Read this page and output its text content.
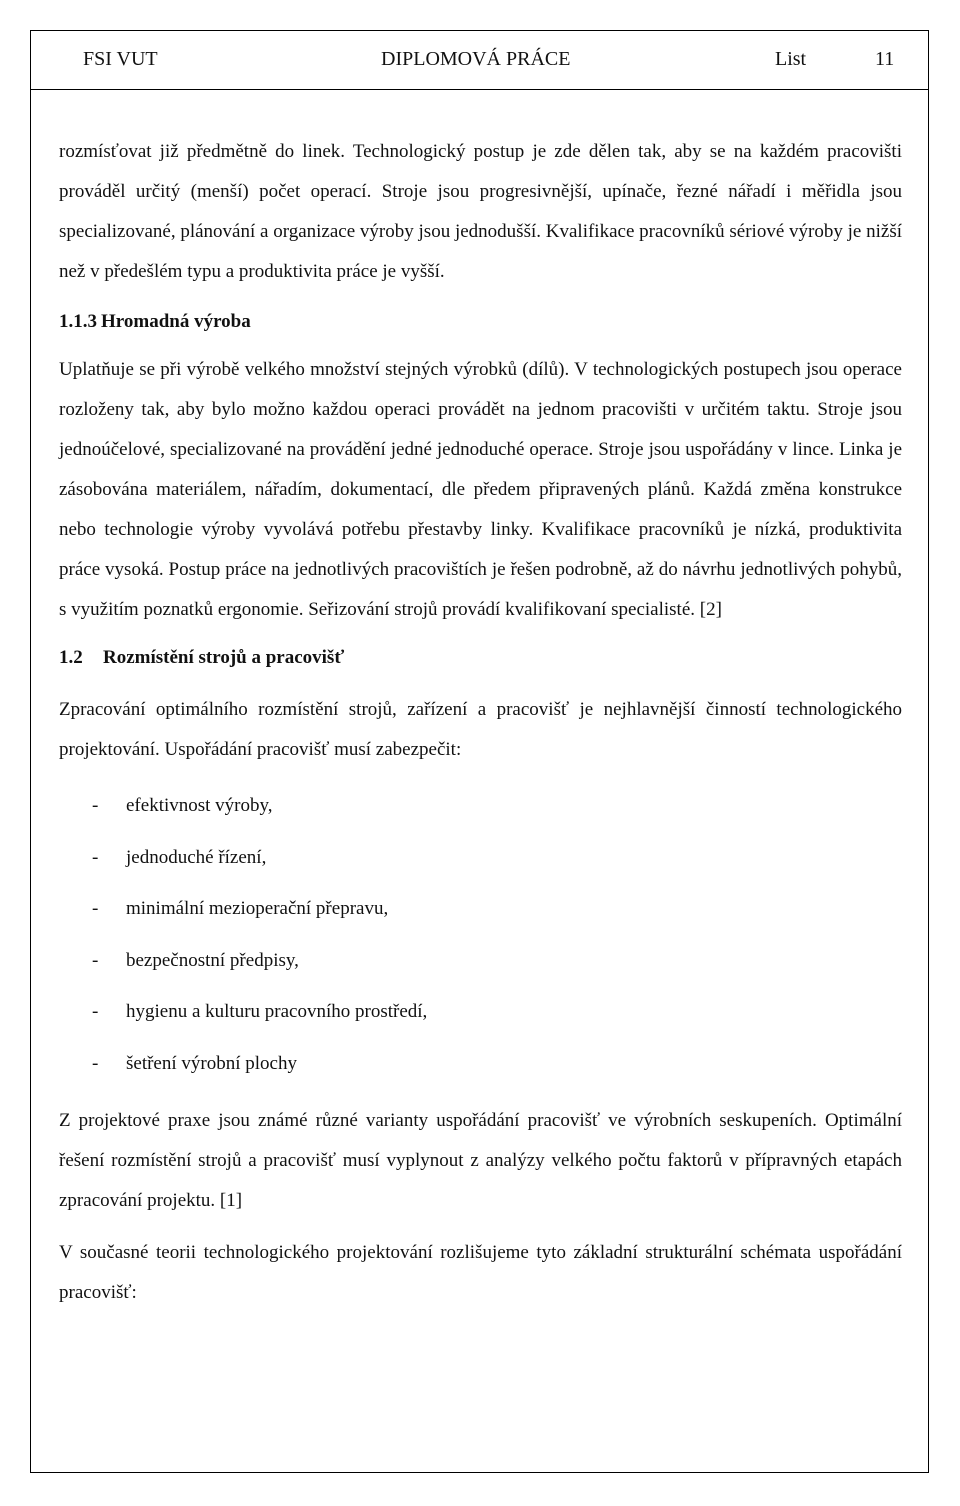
FSI VUT	DIPLOMOVÁ PRÁCE	List	11

rozmísťovat již předmětně do linek. Technologický postup je zde dělen tak, aby se na každém pracovišti prováděl určitý (menší) počet operací. Stroje jsou progresivnější, upínače, řezné nářadí i měřidla jsou specializované, plánování a organizace výroby jsou jednodušší. Kvalifikace pracovníků sériové výroby je nižší než v předešlém typu a produktivita práce je vyšší.

1.1.3 Hromadná výroba

Uplatňuje se při výrobě velkého množství stejných výrobků (dílů). V technologických postupech jsou operace rozloženy tak, aby bylo možno každou operaci provádět na jednom pracovišti v určitém taktu. Stroje jsou jednoúčelové, specializované na provádění jedné jednoduché operace. Stroje jsou uspořádány v lince. Linka je zásobována materiálem, nářadím, dokumentací, dle předem připravených plánů. Každá změna konstrukce nebo technologie výroby vyvolává potřebu přestavby linky. Kvalifikace pracovníků je nízká, produktivita práce vysoká. Postup práce na jednotlivých pracovištích je řešen podrobně, až do návrhu jednotlivých pohybů, s využitím poznatků ergonomie. Seřizování strojů provádí kvalifikovaní specialisté. [2]

1.2 Rozmístění strojů a pracovišť

Zpracování optimálního rozmístění strojů, zařízení a pracovišť je nejhlavnější činností technologického projektování. Uspořádání pracovišť musí zabezpečit:

- efektivnost výroby,
- jednoduché řízení,
- minimální mezioperační přepravu,
- bezpečnostní předpisy,
- hygienu a kulturu pracovního prostředí,
- šetření výrobní plochy

Z projektové praxe jsou známé různé varianty uspořádání pracovišť ve výrobních seskupeních. Optimální řešení rozmístění strojů a pracovišť musí vyplynout z analýzy velkého počtu faktorů v přípravných etapách zpracování projektu. [1]

V současné teorii technologického projektování rozlišujeme tyto základní strukturální schémata uspořádání pracovišť:
